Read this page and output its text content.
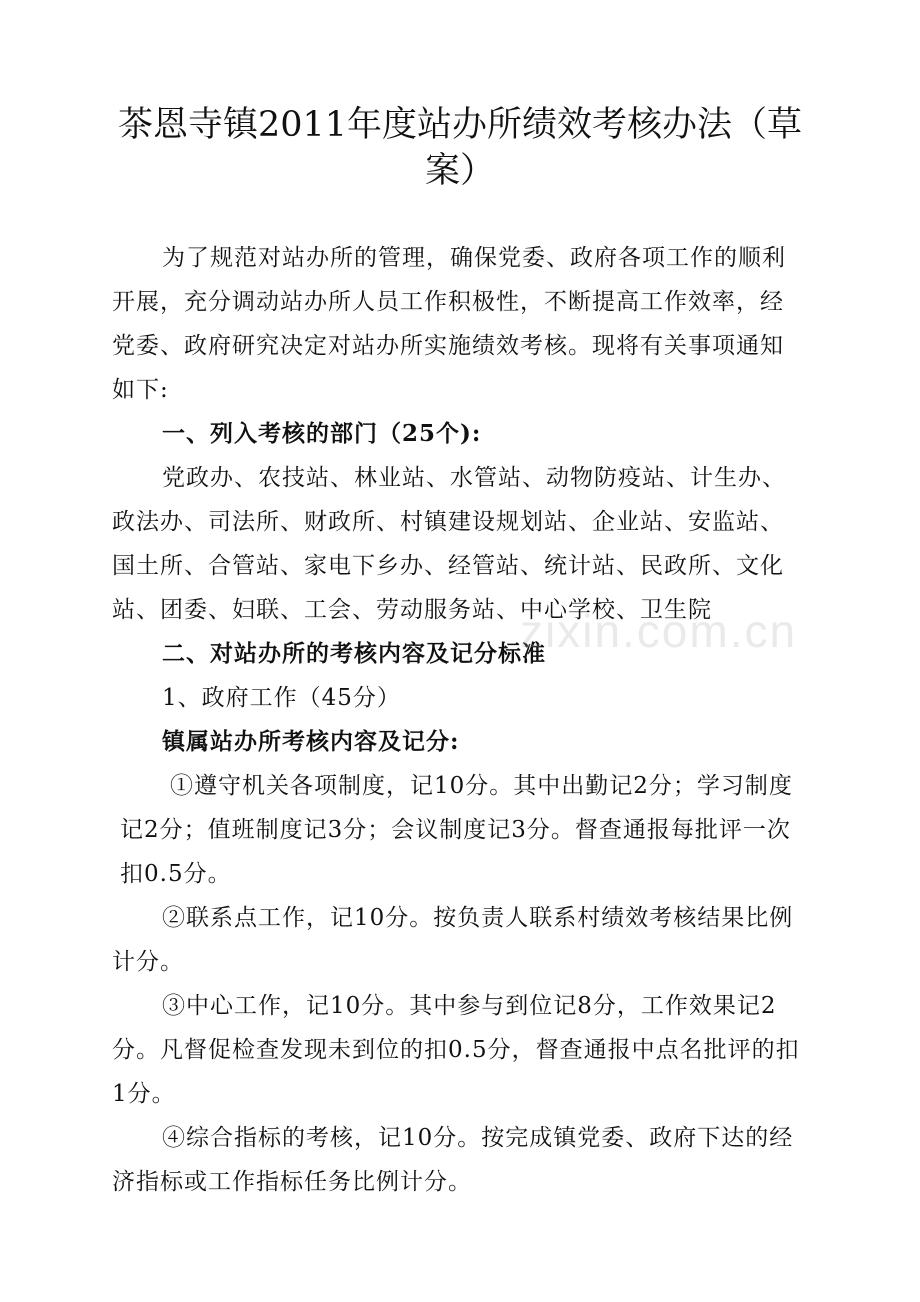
茶恩寺镇2011年度站办所绩效考核办法（草案）

为了规范对站办所的管理，确保党委、政府各项工作的顺利开展，充分调动站办所人员工作积极性，不断提高工作效率，经党委、政府研究决定对站办所实施绩效考核。现将有关事项通知如下:

一、列入考核的部门（25个):

党政办、农技站、林业站、水管站、动物防疫站、计生办、政法办、司法所、财政所、村镇建设规划站、企业站、安监站、国土所、合管站、家电下乡办、经管站、统计站、民政所、文化站、团委、妇联、工会、劳动服务站、中心学校、卫生院

二、对站办所的考核内容及记分标准

1、政府工作（45分）

镇属站办所考核内容及记分:

①遵守机关各项制度，记10分。其中出勤记2分；学习制度记2分；值班制度记3分；会议制度记3分。督查通报每批评一次扣0.5分。

②联系点工作，记10分。按负责人联系村绩效考核结果比例计分。

③中心工作，记10分。其中参与到位记8分，工作效果记2分。凡督促检查发现未到位的扣0.5分，督查通报中点名批评的扣1分。

④综合指标的考核，记10分。按完成镇党委、政府下达的经济指标或工作指标任务比例计分。

zixin.com.cn
